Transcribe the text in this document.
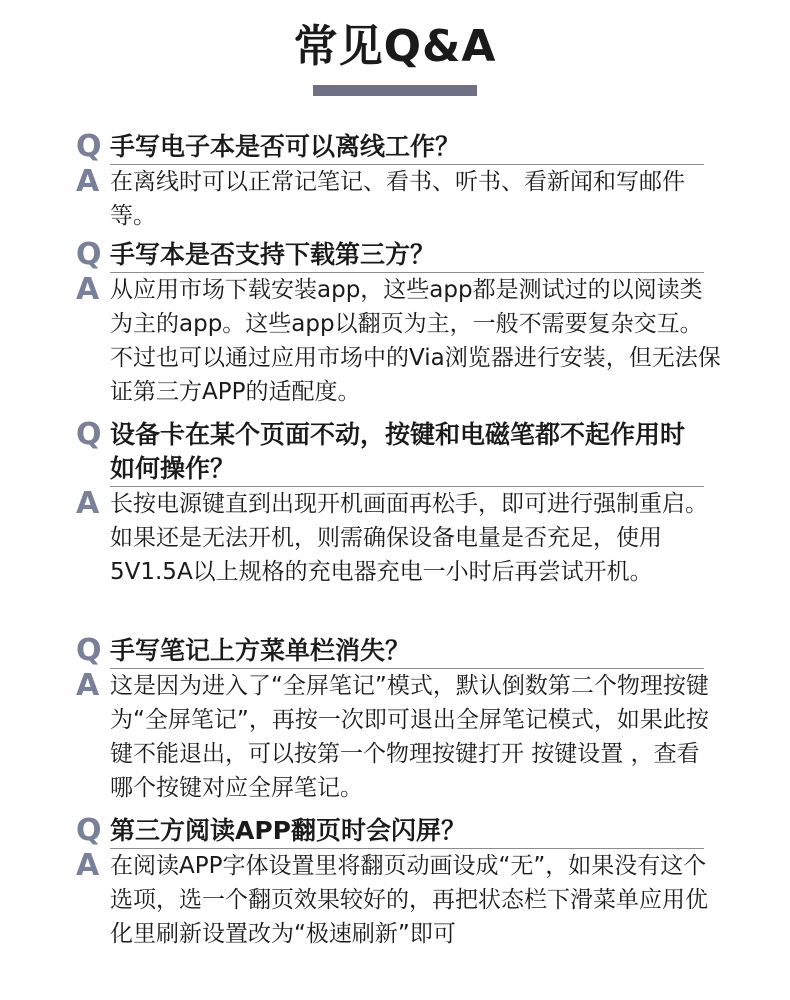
常见Q&A
Q 手写电子本是否可以离线工作？
A 在离线时可以正常记笔记、看书、听书、看新闻和写邮件等。
Q 手写本是否支持下载第三方？
A 从应用市场下载安装app，这些app都是测试过的以阅读类为主的app。这些app以翻页为主，一般不需要复杂交互。不过也可以通过应用市场中的Via浏览器进行安装，但无法保证第三方APP的适配度。
Q 设备卡在某个页面不动，按键和电磁笔都不起作用时如何操作？
A 长按电源键直到出现开机画面再松手，即可进行强制重启。如果还是无法开机，则需确保设备电量是否充足，使用5V1.5A以上规格的充电器充电一小时后再尝试开机。
Q 手写笔记上方菜单栏消失？
A 这是因为进入了“全屏笔记”模式，默认倒数第二个物理按键为“全屏笔记”，再按一次即可退出全屏笔记模式，如果此按键不能退出，可以按第一个物理按键打开 按键设置 ，查看哪个按键对应全屏笔记。
Q 第三方阅读APP翻页时会闪屏？
A 在阅读APP字体设置里将翻页动画设成“无”，如果没有这个选项，选一个翻页效果较好的，再把状态栏下滑菜单应用优化里刷新设置改为“极速刷新”即可
